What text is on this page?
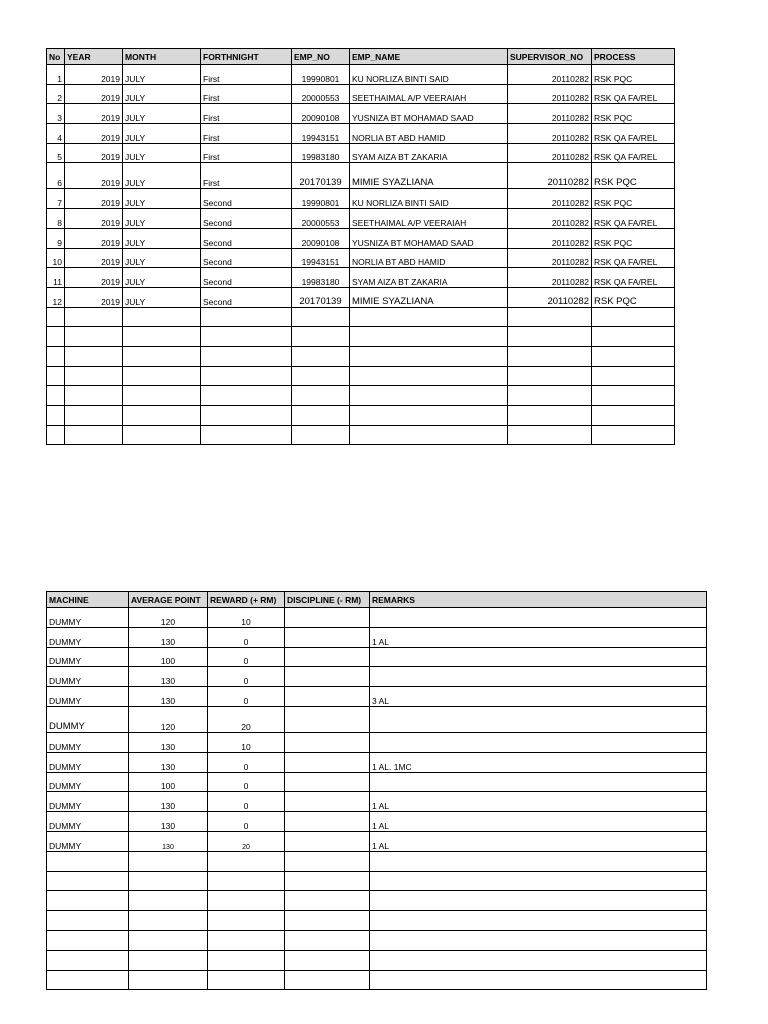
No	YEAR	MONTH	FORTHNIGHT	EMP_NO	EMP_NAME	SUPERVISOR_NO	PROCESS
1	2019	JULY	First	19990801	KU NORLIZA BINTI SAID	20110282	RSK PQC
2	2019	JULY	First	20000553	SEETHAIMAL A/P VEERAIAH	20110282	RSK QA FA/REL
3	2019	JULY	First	20090108	YUSNIZA BT MOHAMAD SAAD	20110282	RSK PQC
4	2019	JULY	First	19943151	NORLIA BT ABD HAMID	20110282	RSK QA FA/REL
5	2019	JULY	First	19983180	SYAM AIZA BT ZAKARIA	20110282	RSK QA FA/REL
6	2019	JULY	First	20170139	MIMIE SYAZLIANA	20110282	RSK PQC
7	2019	JULY	Second	19990801	KU NORLIZA BINTI SAID	20110282	RSK PQC
8	2019	JULY	Second	20000553	SEETHAIMAL A/P VEERAIAH	20110282	RSK QA FA/REL
9	2019	JULY	Second	20090108	YUSNIZA BT MOHAMAD SAAD	20110282	RSK PQC
10	2019	JULY	Second	19943151	NORLIA BT ABD HAMID	20110282	RSK QA FA/REL
11	2019	JULY	Second	19983180	SYAM AIZA BT ZAKARIA	20110282	RSK QA FA/REL
12	2019	JULY	Second	20170139	MIMIE SYAZLIANA	20110282	RSK PQC

MACHINE	AVERAGE POINT	REWARD (+ RM)	DISCIPLINE (- RM)	REMARKS
DUMMY	120	10		
DUMMY	130	0		1 AL
DUMMY	100	0		
DUMMY	130	0		
DUMMY	130	0		3 AL
DUMMY	120	20		
DUMMY	130	10		
DUMMY	130	0		1 AL. 1MC
DUMMY	100	0		
DUMMY	130	0		1 AL
DUMMY	130	0		1 AL
DUMMY	130	20		1 AL
